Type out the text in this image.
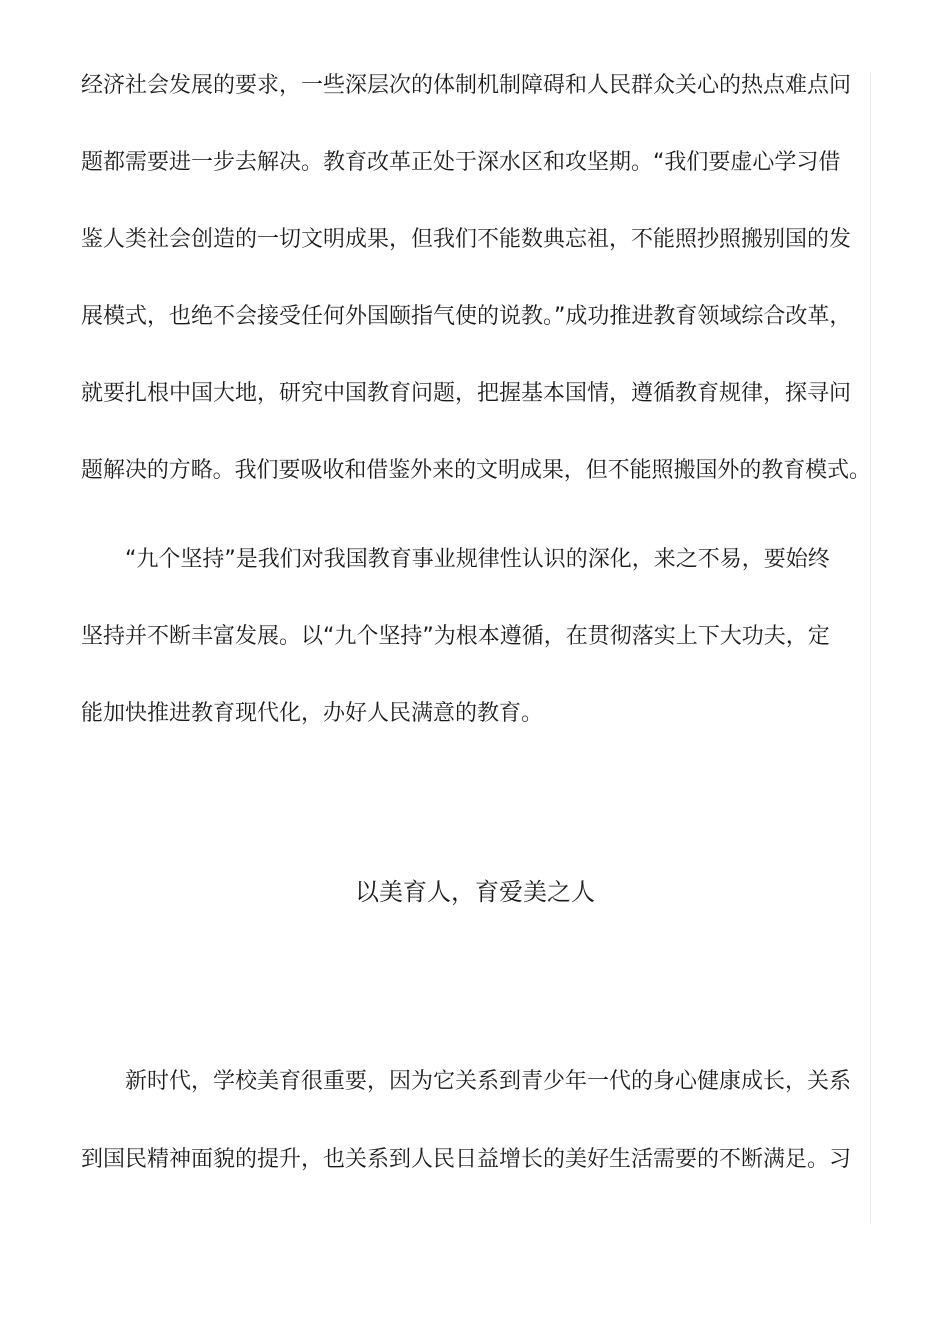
经济社会发展的要求，一些深层次的体制机制障碍和人民群众关心的热点难点问
题都需要进一步去解决。教育改革正处于深水区和攻坚期。“我们要虚心学习借
鉴人类社会创造的一切文明成果，但我们不能数典忘祖，不能照抄照搬别国的发
展模式，也绝不会接受任何外国颐指气使的说教。”成功推进教育领域综合改革，
就要扎根中国大地，研究中国教育问题，把握基本国情，遵循教育规律，探寻问
题解决的方略。我们要吸收和借鉴外来的文明成果，但不能照搬国外的教育模式。
“九个坚持”是我们对我国教育事业规律性认识的深化，来之不易，要始终
坚持并不断丰富发展。以“九个坚持”为根本遵循，在贯彻落实上下大功夫，定
能加快推进教育现代化，办好人民满意的教育。
以美育人，育爱美之人
新时代，学校美育很重要，因为它关系到青少年一代的身心健康成长，关系
到国民精神面貌的提升，也关系到人民日益增长的美好生活需要的不断满足。习
